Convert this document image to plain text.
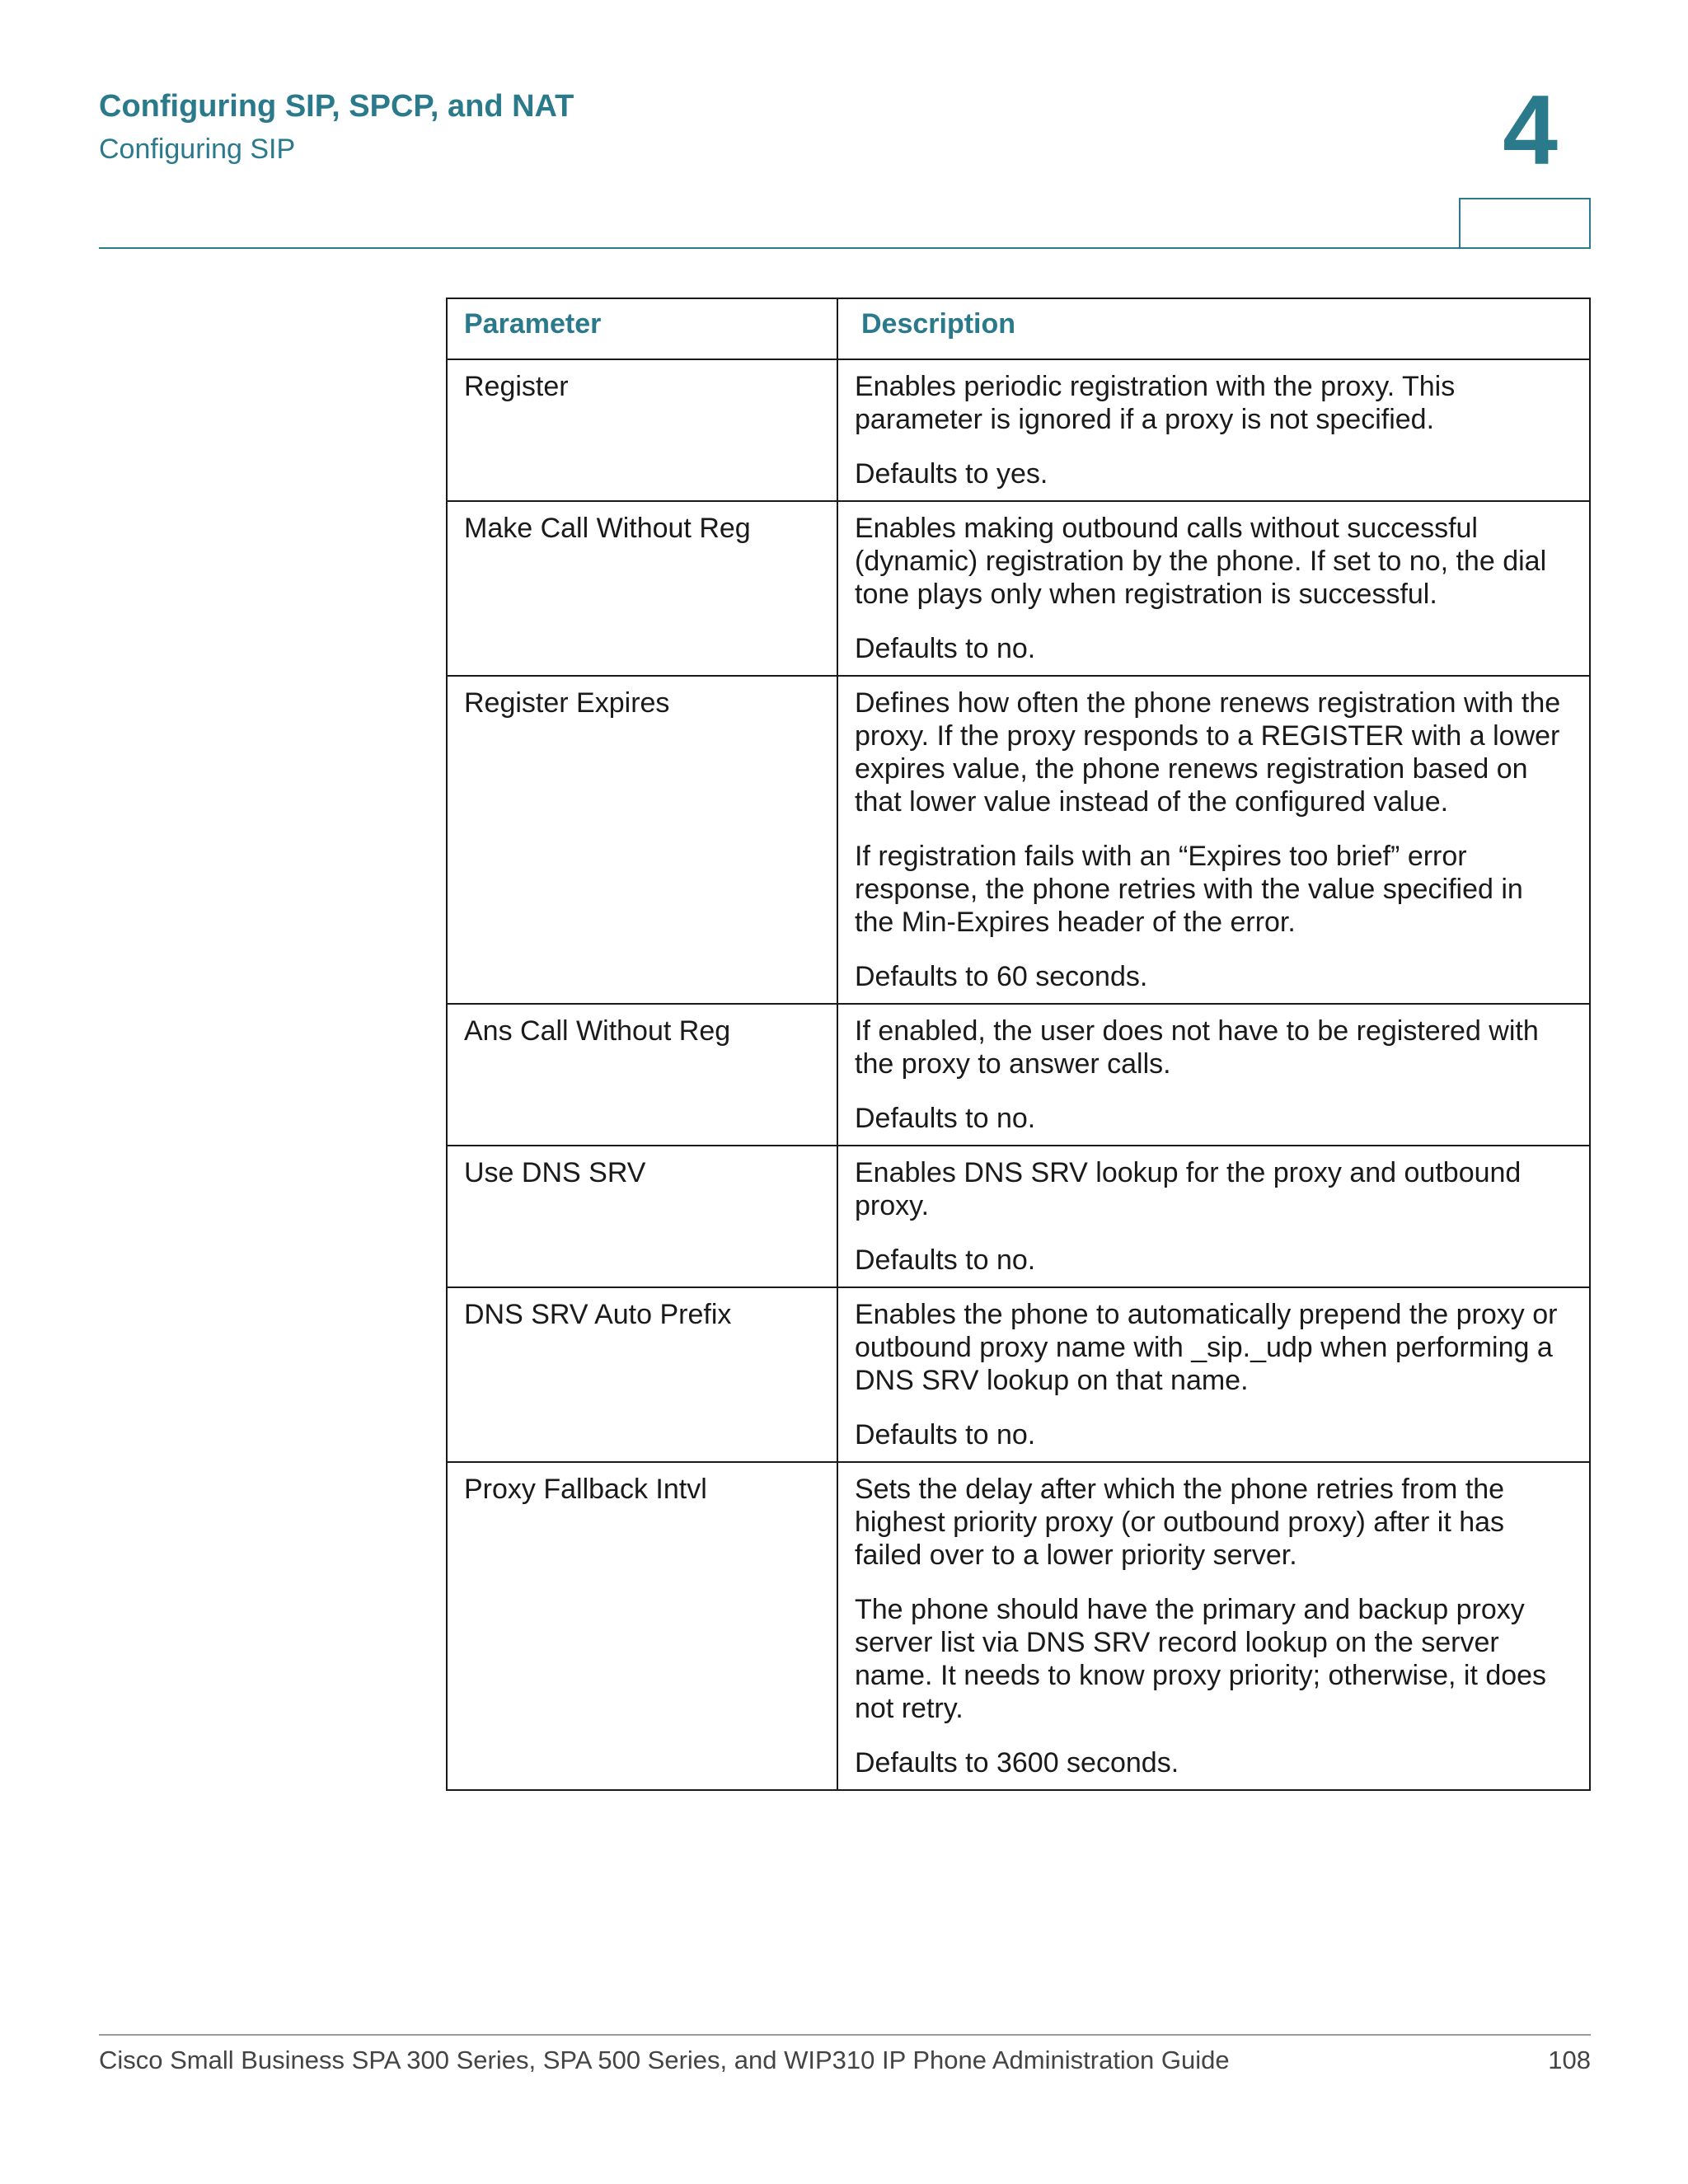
Configuring SIP, SPCP, and NAT
Configuring SIP	4
Parameter	Description
Register	Enables periodic registration with the proxy. This parameter is ignored if a proxy is not specified.

Defaults to yes.

Make Call Without Reg	Enables making outbound calls without successful (dynamic) registration by the phone. If set to no, the dial tone plays only when registration is successful.

Defaults to no.

Register Expires	Defines how often the phone renews registration with the proxy. If the proxy responds to a REGISTER with a lower expires value, the phone renews registration based on that lower value instead of the configured value.

If registration fails with an “Expires too brief” error response, the phone retries with the value specified in the Min-Expires header of the error.

Defaults to 60 seconds.

Ans Call Without Reg	If enabled, the user does not have to be registered with the proxy to answer calls.

Defaults to no.

Use DNS SRV	Enables DNS SRV lookup for the proxy and outbound proxy.

Defaults to no.

DNS SRV Auto Prefix	Enables the phone to automatically prepend the proxy or outbound proxy name with _sip._udp when performing a DNS SRV lookup on that name.

Defaults to no.

Proxy Fallback Intvl	Sets the delay after which the phone retries from the highest priority proxy (or outbound proxy) after it has failed over to a lower priority server.

The phone should have the primary and backup proxy server list via DNS SRV record lookup on the server name. It needs to know proxy priority; otherwise, it does not retry.

Defaults to 3600 seconds.

Cisco Small Business SPA 300 Series, SPA 500 Series, and WIP310 IP Phone Administration Guide	108
